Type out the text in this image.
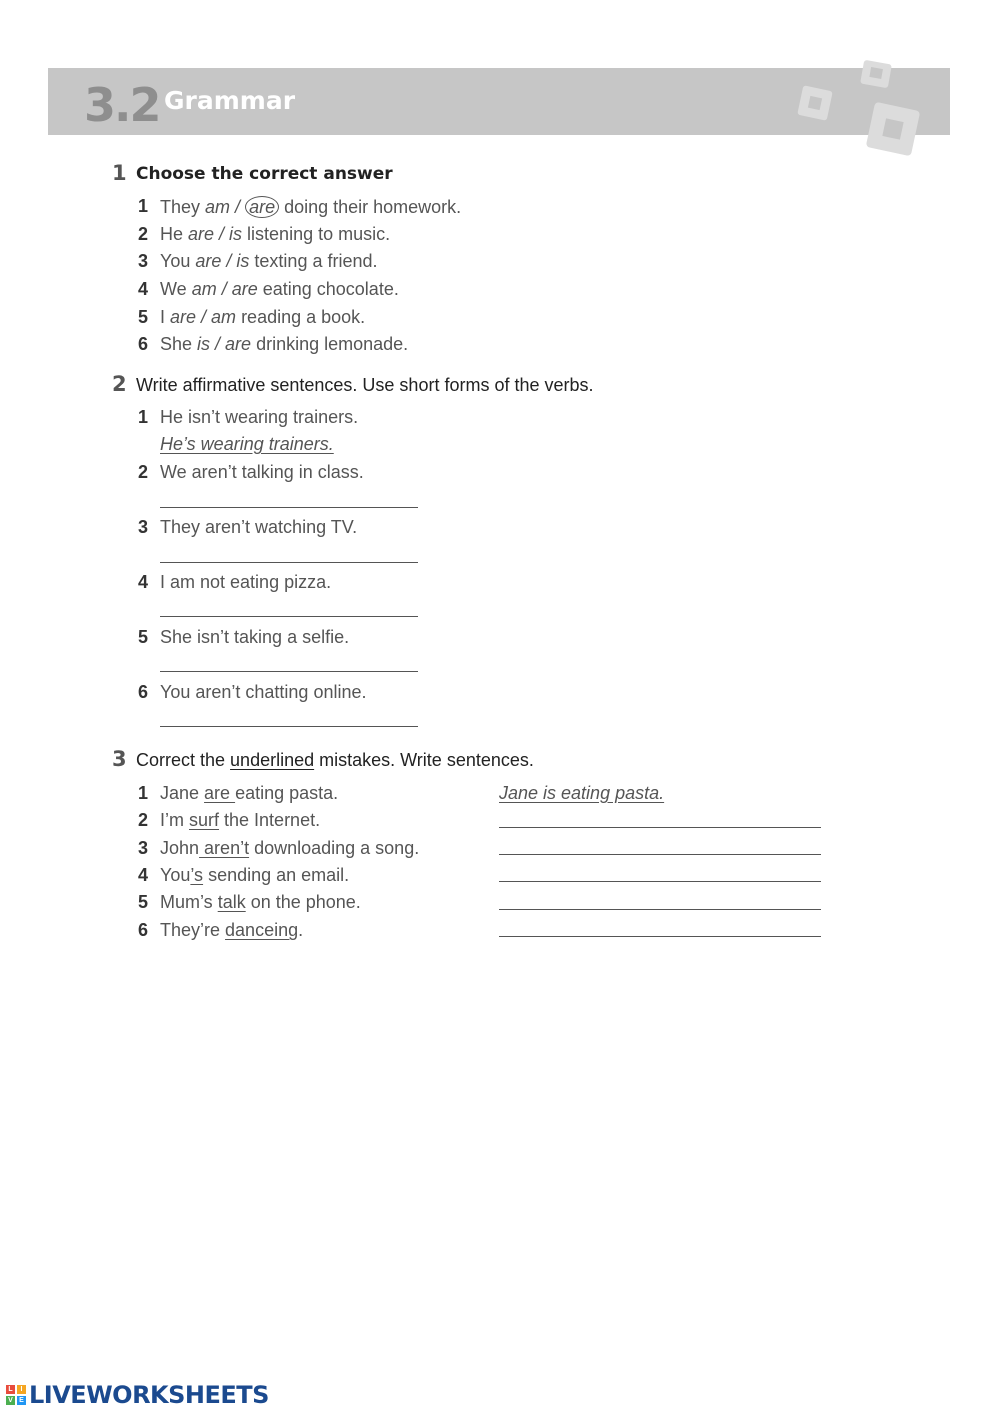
3.2 Grammar
1 Choose the correct answer
1 They am / are doing their homework.
2 He are / is listening to music.
3 You are / is texting a friend.
4 We am / are eating chocolate.
5 I are / am reading a book.
6 She is / are drinking lemonade.
2 Write affirmative sentences. Use short forms of the verbs.
1 He isn’t wearing trainers.
He’s wearing trainers.
2 We aren’t talking in class.
3 They aren’t watching TV.
4 I am not eating pizza.
5 She isn’t taking a selfie.
6 You aren’t chatting online.
3 Correct the underlined mistakes. Write sentences.
1 Jane are eating pasta.	Jane is eating pasta.
2 I’m surf the Internet.
3 John aren’t downloading a song.
4 You’s sending an email.
5 Mum’s talk on the phone.
6 They’re danceing.
L	I
V E LIVEWORKSHEETS
